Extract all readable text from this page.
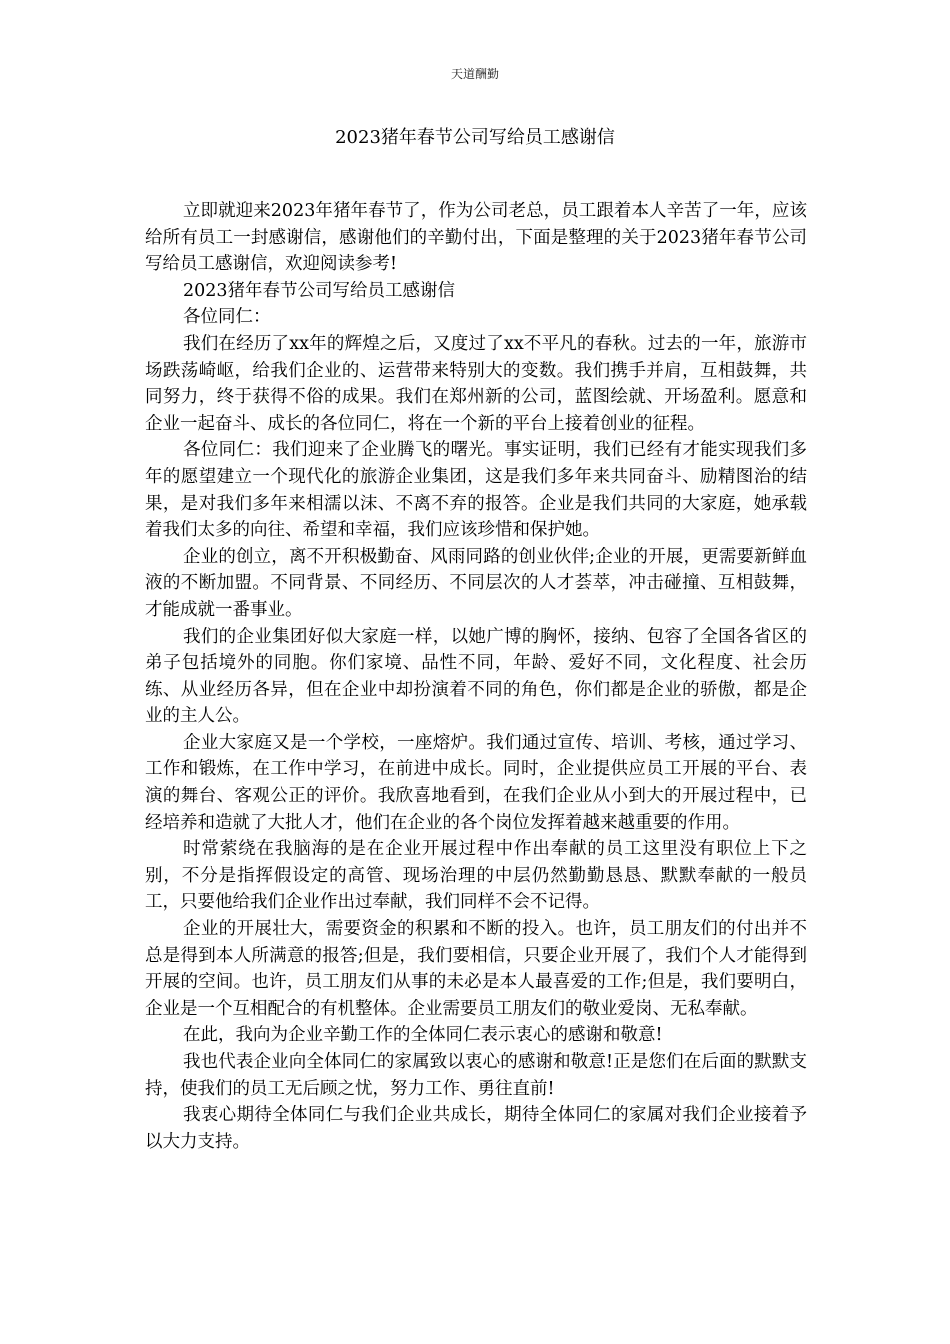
天道酬勤
2023猪年春节公司写给员工感谢信

立即就迎来2023年猪年春节了，作为公司老总，员工跟着本人辛苦了一年，应该给所有员工一封感谢信，感谢他们的辛勤付出，下面是整理的关于2023猪年春节公司写给员工感谢信，欢迎阅读参考!

2023猪年春节公司写给员工感谢信

各位同仁：

我们在经历了xx年的辉煌之后，又度过了xx不平凡的春秋。过去的一年，旅游市场跌荡崎岖，给我们企业的、运营带来特别大的变数。我们携手并肩，互相鼓舞，共同努力，终于获得不俗的成果。我们在郑州新的公司，蓝图绘就、开场盈利。愿意和企业一起奋斗、成长的各位同仁，将在一个新的平台上接着创业的征程。

各位同仁：我们迎来了企业腾飞的曙光。事实证明，我们已经有才能实现我们多年的愿望建立一个现代化的旅游企业集团，这是我们多年来共同奋斗、励精图治的结果，是对我们多年来相濡以沫、不离不弃的报答。企业是我们共同的大家庭，她承载着我们太多的向往、希望和幸福，我们应该珍惜和保护她。

企业的创立，离不开积极勤奋、风雨同路的创业伙伴;企业的开展，更需要新鲜血液的不断加盟。不同背景、不同经历、不同层次的人才荟萃，冲击碰撞、互相鼓舞，才能成就一番事业。

我们的企业集团好似大家庭一样，以她广博的胸怀，接纳、包容了全国各省区的弟子包括境外的同胞。你们家境、品性不同，年龄、爱好不同，文化程度、社会历练、从业经历各异，但在企业中却扮演着不同的角色，你们都是企业的骄傲，都是企业的主人公。

企业大家庭又是一个学校，一座熔炉。我们通过宣传、培训、考核，通过学习、工作和锻炼，在工作中学习，在前进中成长。同时，企业提供应员工开展的平台、表演的舞台、客观公正的评价。我欣喜地看到，在我们企业从小到大的开展过程中，已经培养和造就了大批人才，他们在企业的各个岗位发挥着越来越重要的作用。

时常萦绕在我脑海的是在企业开展过程中作出奉献的员工这里没有职位上下之别，不分是指挥假设定的高管、现场治理的中层仍然勤勤恳恳、默默奉献的一般员工，只要他给我们企业作出过奉献，我们同样不会不记得。

企业的开展壮大，需要资金的积累和不断的投入。也许，员工朋友们的付出并不总是得到本人所满意的报答;但是，我们要相信，只要企业开展了，我们个人才能得到开展的空间。也许，员工朋友们从事的未必是本人最喜爱的工作;但是，我们要明白，企业是一个互相配合的有机整体。企业需要员工朋友们的敬业爱岗、无私奉献。

在此，我向为企业辛勤工作的全体同仁表示衷心的感谢和敬意!

我也代表企业向全体同仁的家属致以衷心的感谢和敬意!正是您们在后面的默默支持，使我们的员工无后顾之忧，努力工作、勇往直前!

我衷心期待全体同仁与我们企业共成长，期待全体同仁的家属对我们企业接着予以大力支持。
